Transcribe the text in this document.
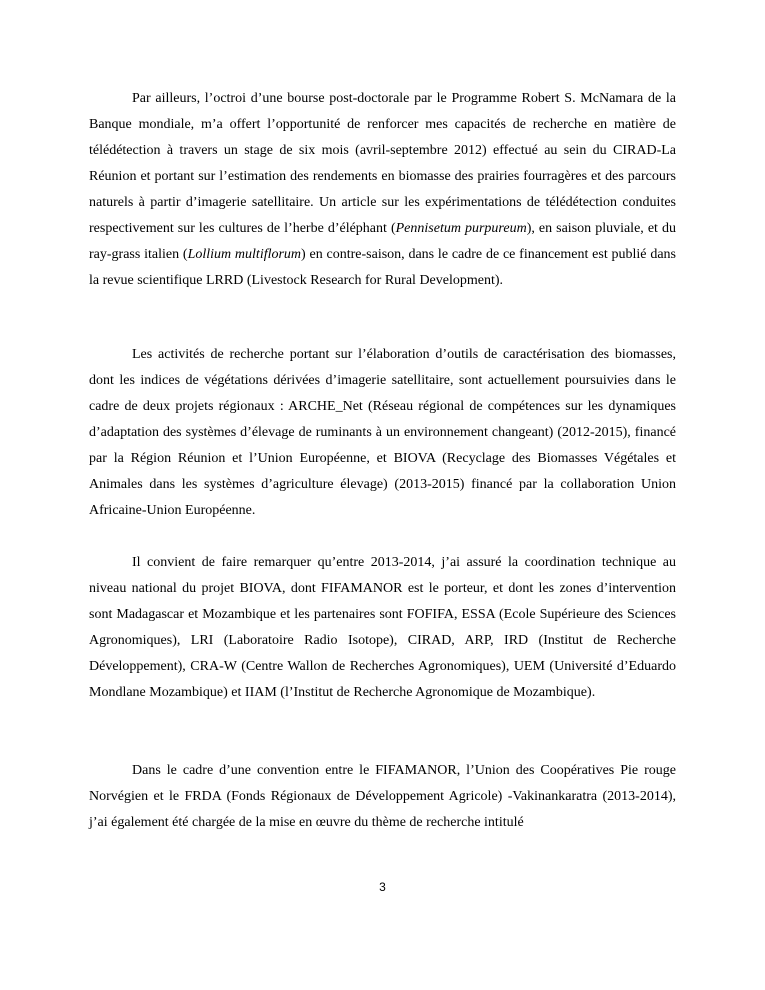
Par ailleurs, l’octroi d’une bourse post-doctorale par le Programme Robert S. McNamara de la Banque mondiale, m’a offert l’opportunité de renforcer mes capacités de recherche en matière de télédétection à travers un stage de six mois (avril-septembre 2012) effectué au sein du CIRAD-La Réunion et portant sur l’estimation des rendements en biomasse des prairies fourragères et des parcours naturels à partir d’imagerie satellitaire. Un article sur les expérimentations de télédétection conduites respectivement sur les cultures de l’herbe d’éléphant (Pennisetum purpureum), en saison pluviale, et du ray-grass italien (Lollium multiflorum) en contre-saison, dans le cadre de ce financement est publié dans la revue scientifique LRRD (Livestock Research for Rural Development).

Les activités de recherche portant sur l’élaboration d’outils de caractérisation des biomasses, dont les indices de végétations dérivées d’imagerie satellitaire, sont actuellement poursuivies dans le cadre de deux projets régionaux : ARCHE_Net (Réseau régional de compétences sur les dynamiques d’adaptation des systèmes d’élevage de ruminants à un environnement changeant) (2012-2015), financé par la Région Réunion et l’Union Européenne, et BIOVA (Recyclage des Biomasses Végétales et Animales dans les systèmes d’agriculture élevage) (2013-2015) financé par la collaboration Union Africaine-Union Européenne.

Il convient de faire remarquer qu’entre 2013-2014, j’ai assuré la coordination technique au niveau national du projet BIOVA, dont FIFAMANOR est le porteur, et dont les zones d’intervention sont Madagascar et Mozambique et les partenaires sont FOFIFA, ESSA (Ecole Supérieure des Sciences Agronomiques), LRI (Laboratoire Radio Isotope), CIRAD, ARP, IRD (Institut de Recherche Développement), CRA-W (Centre Wallon de Recherches Agronomiques), UEM (Université d’Eduardo Mondlane Mozambique) et IIAM (l’Institut de Recherche Agronomique de Mozambique).

Dans le cadre d’une convention entre le FIFAMANOR, l’Union des Coopératives Pie rouge Norvégien et le FRDA (Fonds Régionaux de Développement Agricole) -Vakinankaratra (2013-2014), j’ai également été chargée de la mise en œuvre du thème de recherche intitulé

3
